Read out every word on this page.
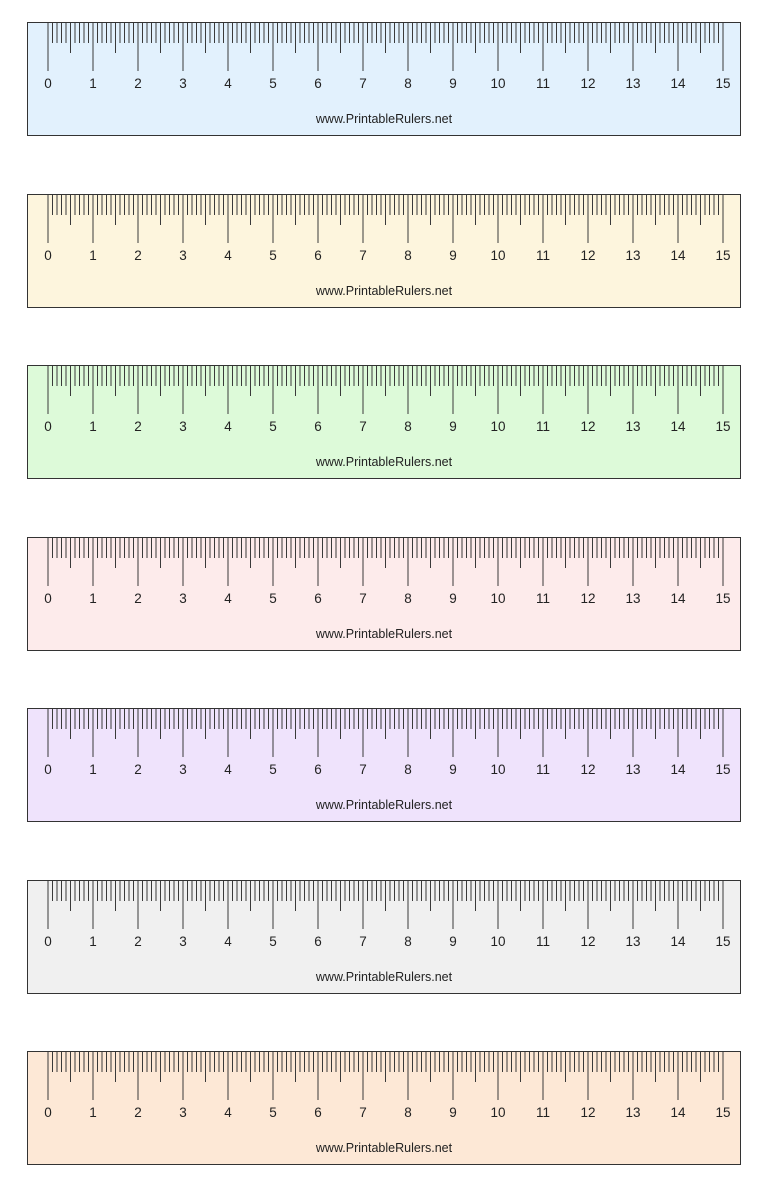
0	1	2	3	4	5	6	7	8	9	10	11	12	13	14	15
www.PrintableRulers.net
0	1	2	3	4	5	6	7	8	9	10	11	12	13	14	15
www.PrintableRulers.net
0	1	2	3	4	5	6	7	8	9	10	11	12	13	14	15
www.PrintableRulers.net
0	1	2	3	4	5	6	7	8	9	10	11	12	13	14	15
www.PrintableRulers.net
0	1	2	3	4	5	6	7	8	9	10	11	12	13	14	15
www.PrintableRulers.net
0	1	2	3	4	5	6	7	8	9	10	11	12	13	14	15
www.PrintableRulers.net
0	1	2	3	4	5	6	7	8	9	10	11	12	13	14	15
www.PrintableRulers.net
